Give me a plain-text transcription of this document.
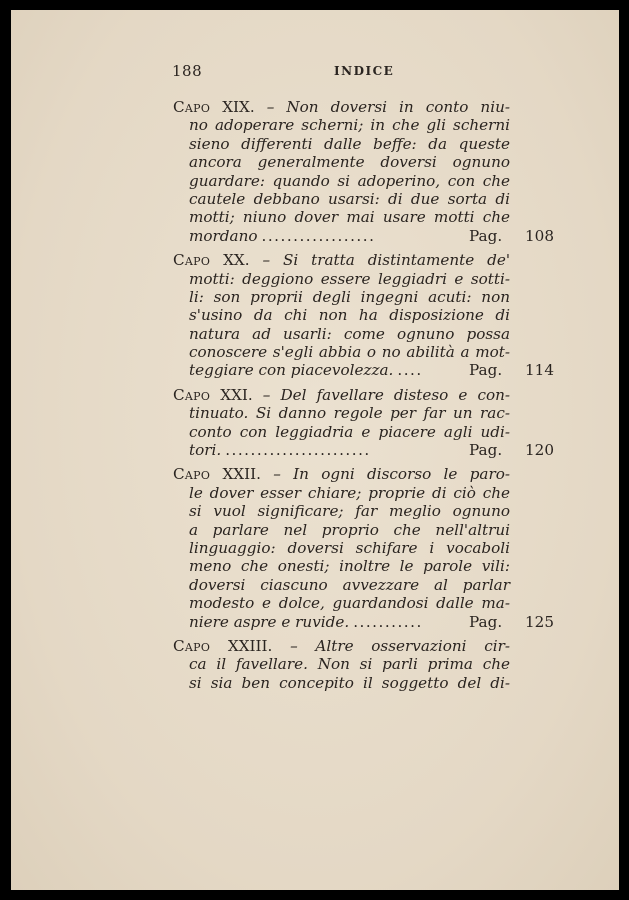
188	INDICE
Capo XIX. – Non doversi in conto niu-
no adoperare scherni; in che gli scherni
sieno differenti dalle beffe: da queste
ancora generalmente doversi ognuno
guardare: quando si adoperino, con che
cautele debbano usarsi: di due sorta di
motti; niuno dover mai usare motti che
mordano ..................	Pag. 108
Capo XX. – Si tratta distintamente de'
motti: deggiono essere leggiadri e sotti-
li: son proprii degli ingegni acuti: non
s'usino da chi non ha disposizione di
natura ad usarli: come ognuno possa
conoscere s'egli abbia o no abilità a mot-
teggiare con piacevolezza. ....	Pag. 114
Capo XXI. – Del favellare disteso e con-
tinuato. Si danno regole per far un rac-
conto con leggiadria e piacere agli udi-
tori. .......................	Pag. 120
Capo XXII. – In ogni discorso le paro-
le dover esser chiare; proprie di ciò che
si vuol significare; far meglio ognuno
a parlare nel proprio che nell'altrui
linguaggio: doversi schifare i vocaboli
meno che onesti; inoltre le parole vili:
doversi ciascuno avvezzare al parlar
modesto e dolce, guardandosi dalle ma-
niere aspre e ruvide. ...........	Pag. 125
Capo XXIII. – Altre osservazioni cir-
ca il favellare. Non si parli prima che
si sia ben concepito il soggetto del di-
